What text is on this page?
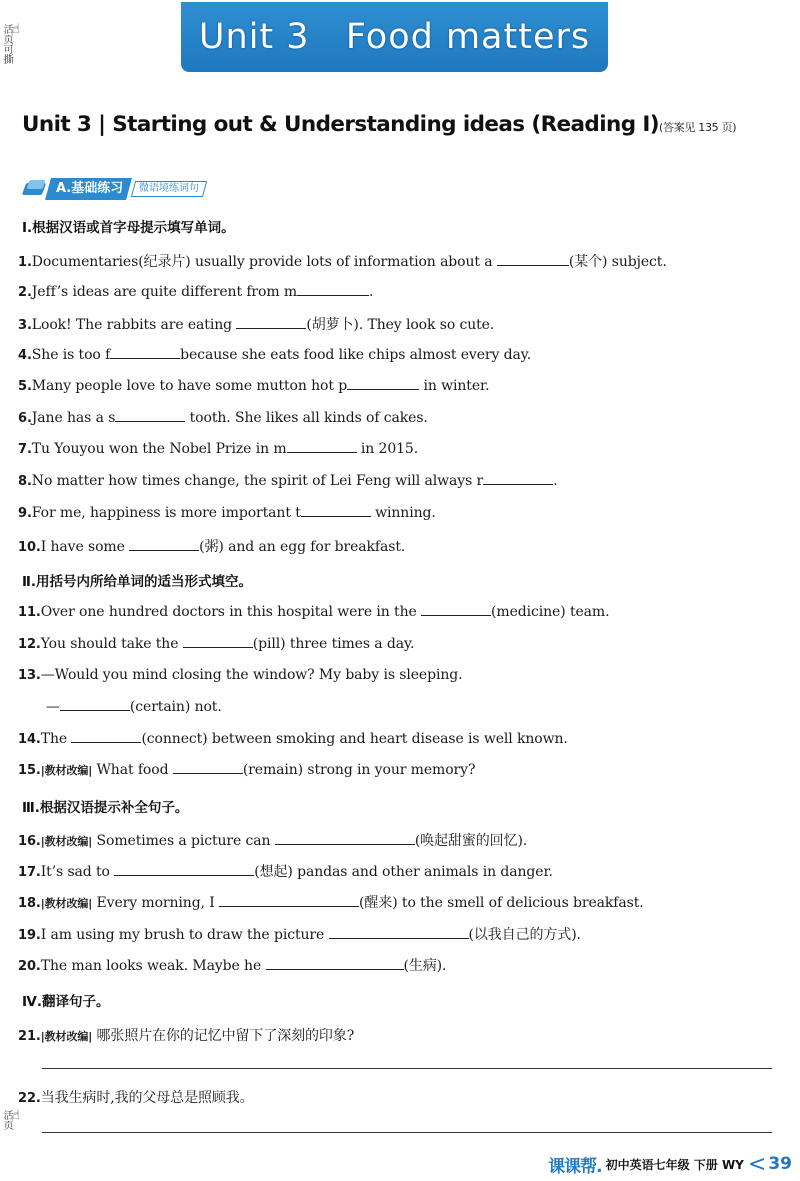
Unit 3   Food matters
☝
活页可撕
☝
活页
Unit 3 | Starting out & Understanding ideas (Reading I)(答案见 135 页)
A.基础练习	微语境练词句
Ⅰ.根据汉语或首字母提示填写单词。
1.Documentaries(纪录片) usually provide lots of information about a	(某个) subject.
2.Jeff’s ideas are quite different from m	.
3.Look! The rabbits are eating	(胡萝卜). They look so cute.
4.She is too f	because she eats food like chips almost every day.
5.Many people love to have some mutton hot p	in winter.
6.Jane has a s	tooth. She likes all kinds of cakes.
7.Tu Youyou won the Nobel Prize in m	in 2015.
8.No matter how times change, the spirit of Lei Feng will always r	.
9.For me, happiness is more important t	winning.
10.I have some	(粥) and an egg for breakfast.
Ⅱ.用括号内所给单词的适当形式填空。
11.Over one hundred doctors in this hospital were in the	(medicine) team.
12.You should take the	(pill) three times a day.
13.—Would you mind closing the window? My baby is sleeping.
—	(certain) not.
14.The	(connect) between smoking and heart disease is well known.
15.|教材改编| What food	(remain) strong in your memory?
Ⅲ.根据汉语提示补全句子。
16.|教材改编| Sometimes a picture can	(唤起甜蜜的回忆).
17.It’s sad to	(想起) pandas and other animals in danger.
18.|教材改编| Every morning, I	(醒来) to the smell of delicious breakfast.
19.I am using my brush to draw the picture	(以我自己的方式).
20.The man looks weak. Maybe he	(生病).
Ⅳ.翻译句子。
21.|教材改编| 哪张照片在你的记忆中留下了深刻的印象?
22.当我生病时,我的父母总是照顾我。
课课帮. 初中英语七年级 下册 WY < 39
